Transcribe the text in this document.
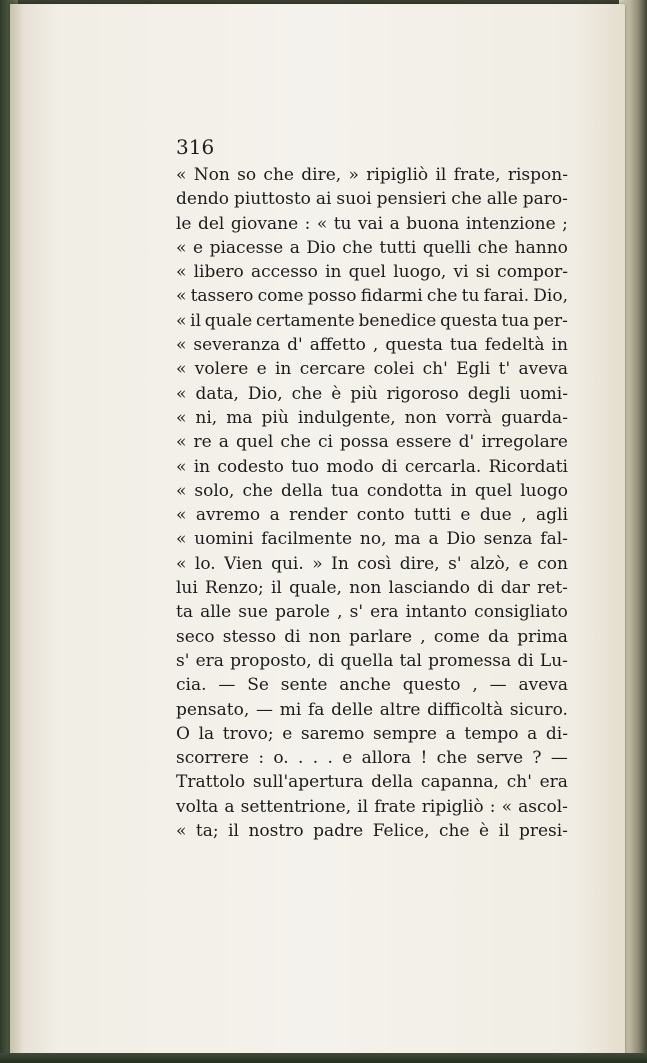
316

« Non so che dire, » ripigliò il frate, rispon-
dendo piuttosto ai suoi pensieri che alle paro-
le del giovane : « tu vai a buona intenzione ;
« e piacesse a Dio che tutti quelli che hanno
« libero accesso in quel luogo, vi si compor-
« tassero come posso fidarmi che tu farai. Dio,
« il quale certamente benedice questa tua per-
« severanza d' affetto , questa tua fedeltà in
« volere e in cercare colei ch' Egli t' aveva
« data, Dio, che è più rigoroso degli uomi-
« ni, ma più indulgente, non vorrà guarda-
« re a quel che ci possa essere d' irregolare
« in codesto tuo modo di cercarla. Ricordati
« solo, che della tua condotta in quel luogo
« avremo a render conto tutti e due , agli
« uomini facilmente no, ma a Dio senza fal-
« lo. Vien qui. » In così dire, s' alzò, e con
lui Renzo; il quale, non lasciando di dar ret-
ta alle sue parole , s' era intanto consigliato
seco stesso di non parlare , come da prima
s' era proposto, di quella tal promessa di Lu-
cia. — Se sente anche questo , — aveva
pensato, — mi fa delle altre difficoltà sicuro.
O la trovo; e saremo sempre a tempo a di-
scorrere : o. . . . e allora ! che serve ? —
Trattolo sull'apertura della capanna, ch' era
volta a settentrione, il frate ripigliò : « ascol-
« ta; il nostro padre Felice, che è il presi-
